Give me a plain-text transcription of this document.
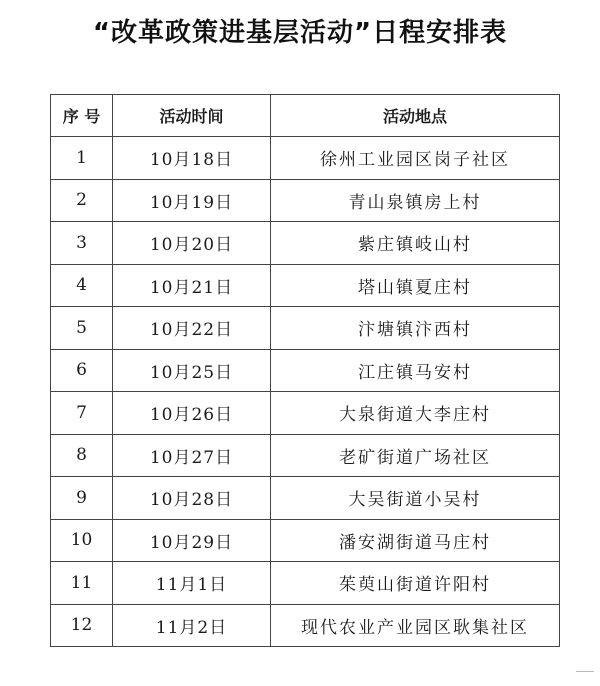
“改革政策进基层活动”日程安排表
序 号	活动时间	活动地点
1	10月18日	徐州工业园区岗子社区
2	10月19日	青山泉镇房上村
3	10月20日	紫庄镇岐山村
4	10月21日	塔山镇夏庄村
5	10月22日	汴塘镇汴西村
6	10月25日	江庄镇马安村
7	10月26日	大泉街道大李庄村
8	10月27日	老矿街道广场社区
9	10月28日	大吴街道小吴村
10	10月29日	潘安湖街道马庄村
11	11月1日	茱萸山街道许阳村
12	11月2日	现代农业产业园区耿集社区
